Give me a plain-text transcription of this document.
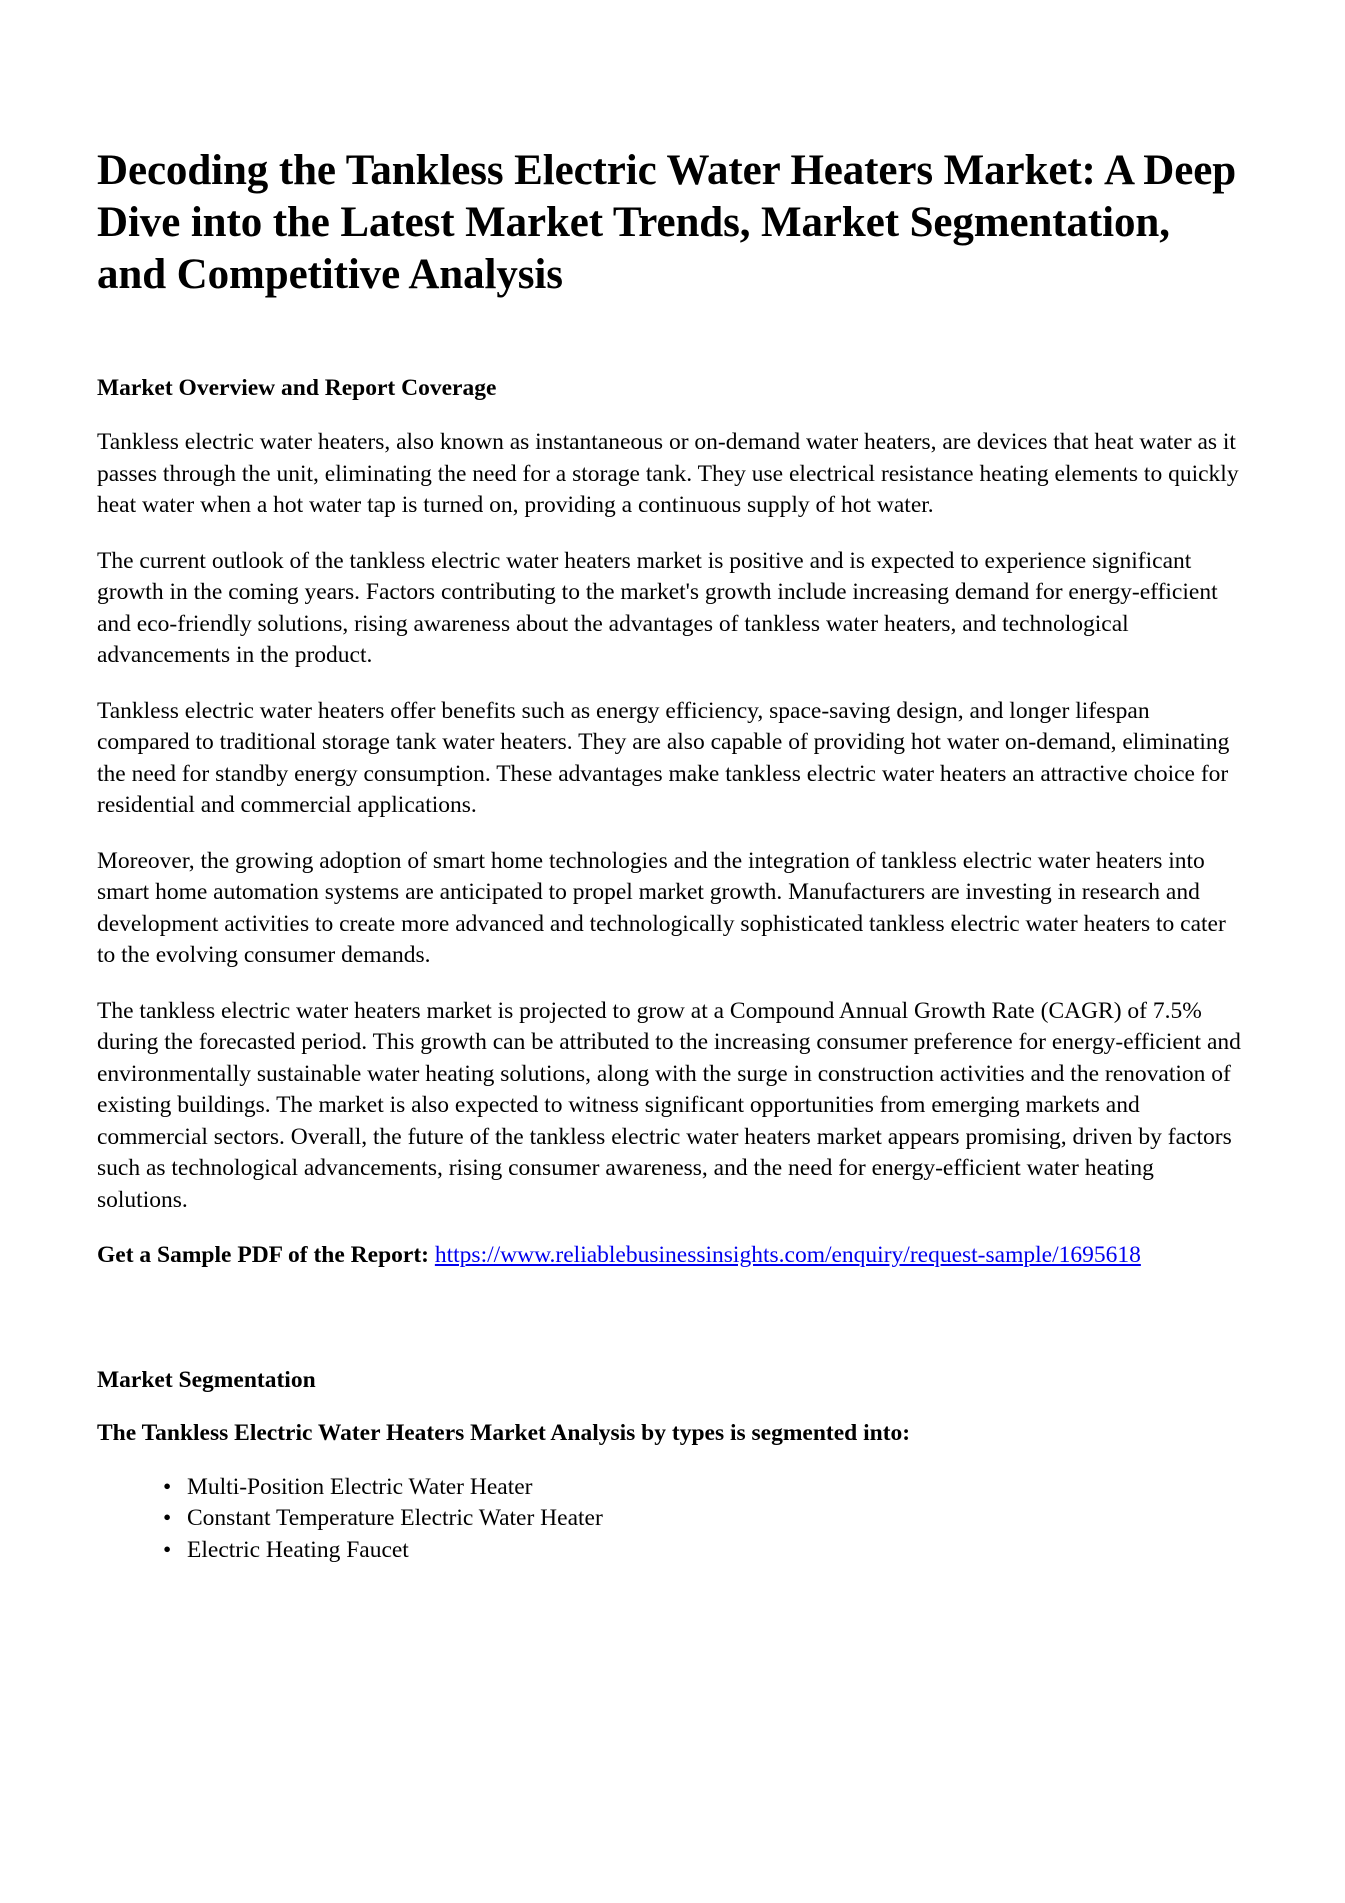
Decoding the Tankless Electric Water Heaters Market: A Deep Dive into the Latest Market Trends, Market Segmentation, and Competitive Analysis
Market Overview and Report Coverage

Tankless electric water heaters, also known as instantaneous or on-demand water heaters, are devices that heat water as it passes through the unit, eliminating the need for a storage tank. They use electrical resistance heating elements to quickly heat water when a hot water tap is turned on, providing a continuous supply of hot water.

The current outlook of the tankless electric water heaters market is positive and is expected to experience significant growth in the coming years. Factors contributing to the market's growth include increasing demand for energy-efficient and eco-friendly solutions, rising awareness about the advantages of tankless water heaters, and technological advancements in the product.

Tankless electric water heaters offer benefits such as energy efficiency, space-saving design, and longer lifespan compared to traditional storage tank water heaters. They are also capable of providing hot water on-demand, eliminating the need for standby energy consumption. These advantages make tankless electric water heaters an attractive choice for residential and commercial applications.

Moreover, the growing adoption of smart home technologies and the integration of tankless electric water heaters into smart home automation systems are anticipated to propel market growth. Manufacturers are investing in research and development activities to create more advanced and technologically sophisticated tankless electric water heaters to cater to the evolving consumer demands.

The tankless electric water heaters market is projected to grow at a Compound Annual Growth Rate (CAGR) of 7.5% during the forecasted period. This growth can be attributed to the increasing consumer preference for energy-efficient and environmentally sustainable water heating solutions, along with the surge in construction activities and the renovation of existing buildings. The market is also expected to witness significant opportunities from emerging markets and commercial sectors. Overall, the future of the tankless electric water heaters market appears promising, driven by factors such as technological advancements, rising consumer awareness, and the need for energy-efficient water heating solutions.

Get a Sample PDF of the Report: https://www.reliablebusinessinsights.com/enquiry/request-sample/1695618

Market Segmentation
The Tankless Electric Water Heaters Market Analysis by types is segmented into:
• Multi-Position Electric Water Heater
• Constant Temperature Electric Water Heater
• Electric Heating Faucet
